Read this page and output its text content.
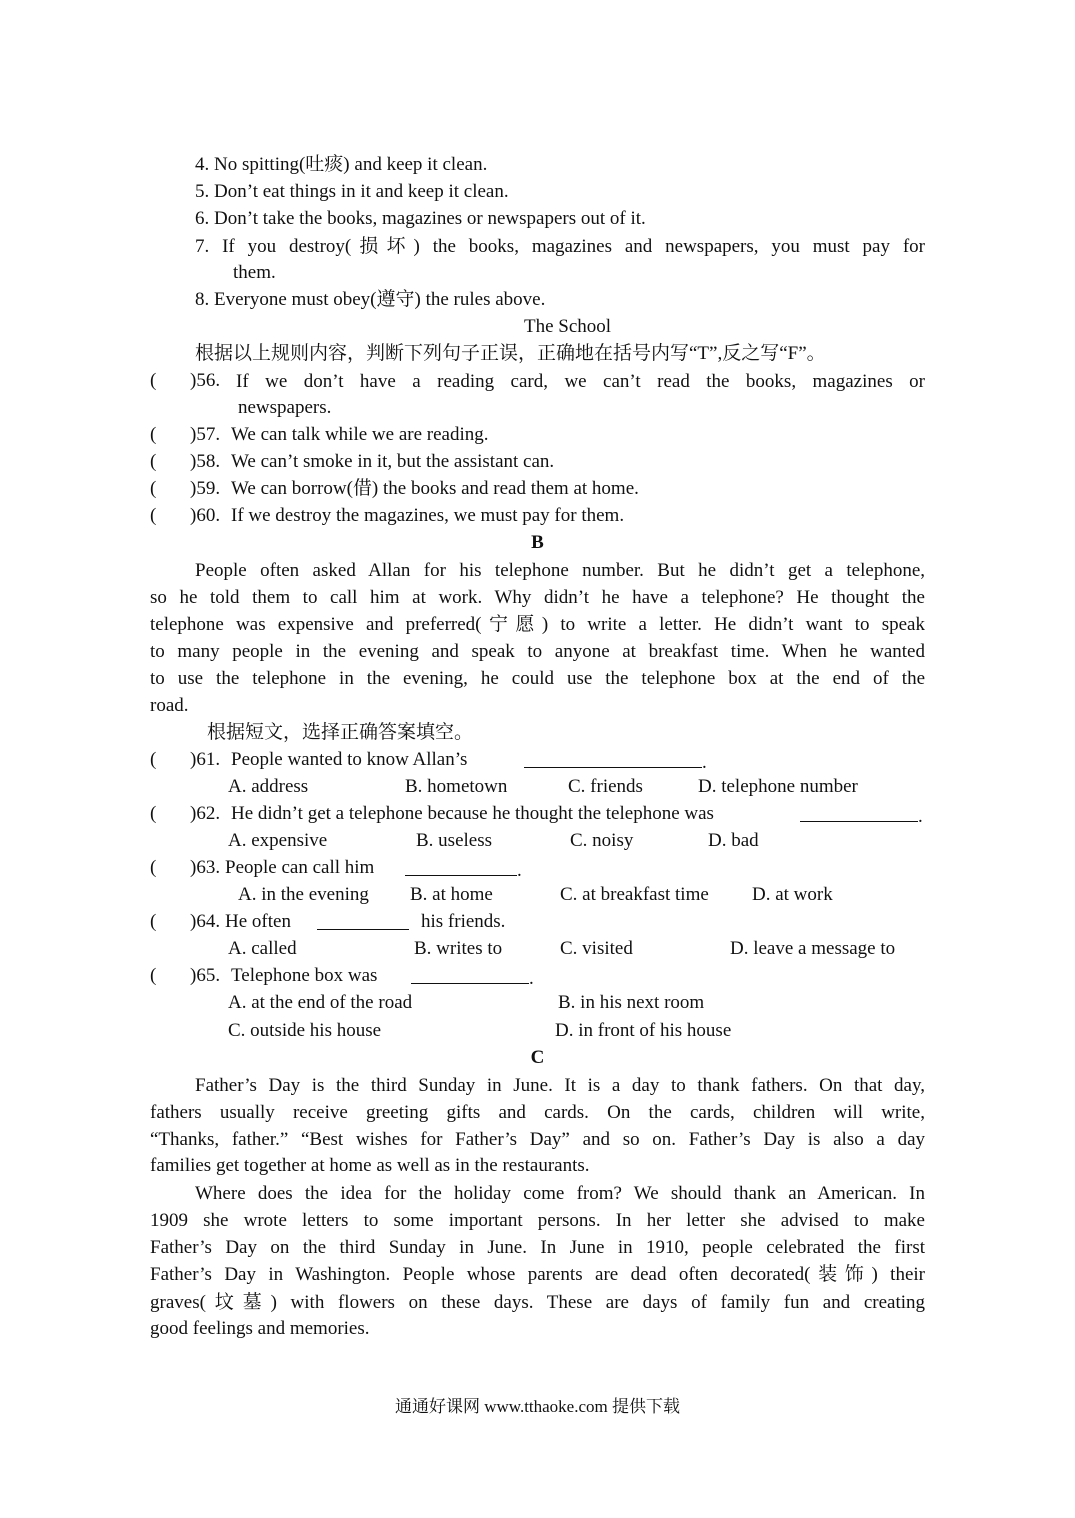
4. No spitting(吐痰) and keep it clean.
5. Don’t eat things in it and keep it clean.
6. Don’t take the books, magazines or newspapers out of it.
7. If you destroy(损坏) the books, magazines and newspapers, you must pay for
them.
8. Everyone must obey(遵守) the rules above.
The School
根据以上规则内容，判断下列句子正误，正确地在括号内写“T”,反之写“F”。
( )56. If we don’t have a reading card, we can’t read the books, magazines or
newspapers.
( )57. We can talk while we are reading.
( )58. We can’t smoke in it, but the assistant can.
( )59. We can borrow(借) the books and read them at home.
( )60. If we destroy the magazines, we must pay for them.
B
People often asked Allan for his telephone number. But he didn’t get a telephone,
so he told them to call him at work. Why didn’t he have a telephone? He thought the
telephone was expensive and preferred(宁愿) to write a letter. He didn’t want to speak
to many people in the evening and speak to anyone at breakfast time. When he wanted
to use the telephone in the evening, he could use the telephone box at the end of the
road.
根据短文，选择正确答案填空。
( )61. People wanted to know Allan’s	.
A. address	B. hometown	C. friends	D. telephone number
( )62. He didn’t get a telephone because he thought the telephone was	.
A. expensive	B. useless	C. noisy	D. bad
( )63. People can call him	.
A. in the evening B. at home	C. at breakfast time D. at work
( )64. He often	his friends.
A. called	B. writes to	C. visited	D. leave a message to
( )65. Telephone box was	.
A. at the end of the road	B. in his next room
C. outside his house	D. in front of his house
C
Father’s Day is the third Sunday in June. It is a day to thank fathers. On that day,
fathers usually receive greeting gifts and cards. On the cards, children will write,
“Thanks, father.” “Best wishes for Father’s Day” and so on. Father’s Day is also a day
families get together at home as well as in the restaurants.
Where does the idea for the holiday come from? We should thank an American. In
1909 she wrote letters to some important persons. In her letter she advised to make
Father’s Day on the third Sunday in June. In June in 1910, people celebrated the first
Father’s Day in Washington. People whose parents are dead often decorated(装饰) their
graves(坟墓) with flowers on these days. These are days of family fun and creating
good feelings and memories.
通通好课网 www.tthaoke.com 提供下载
